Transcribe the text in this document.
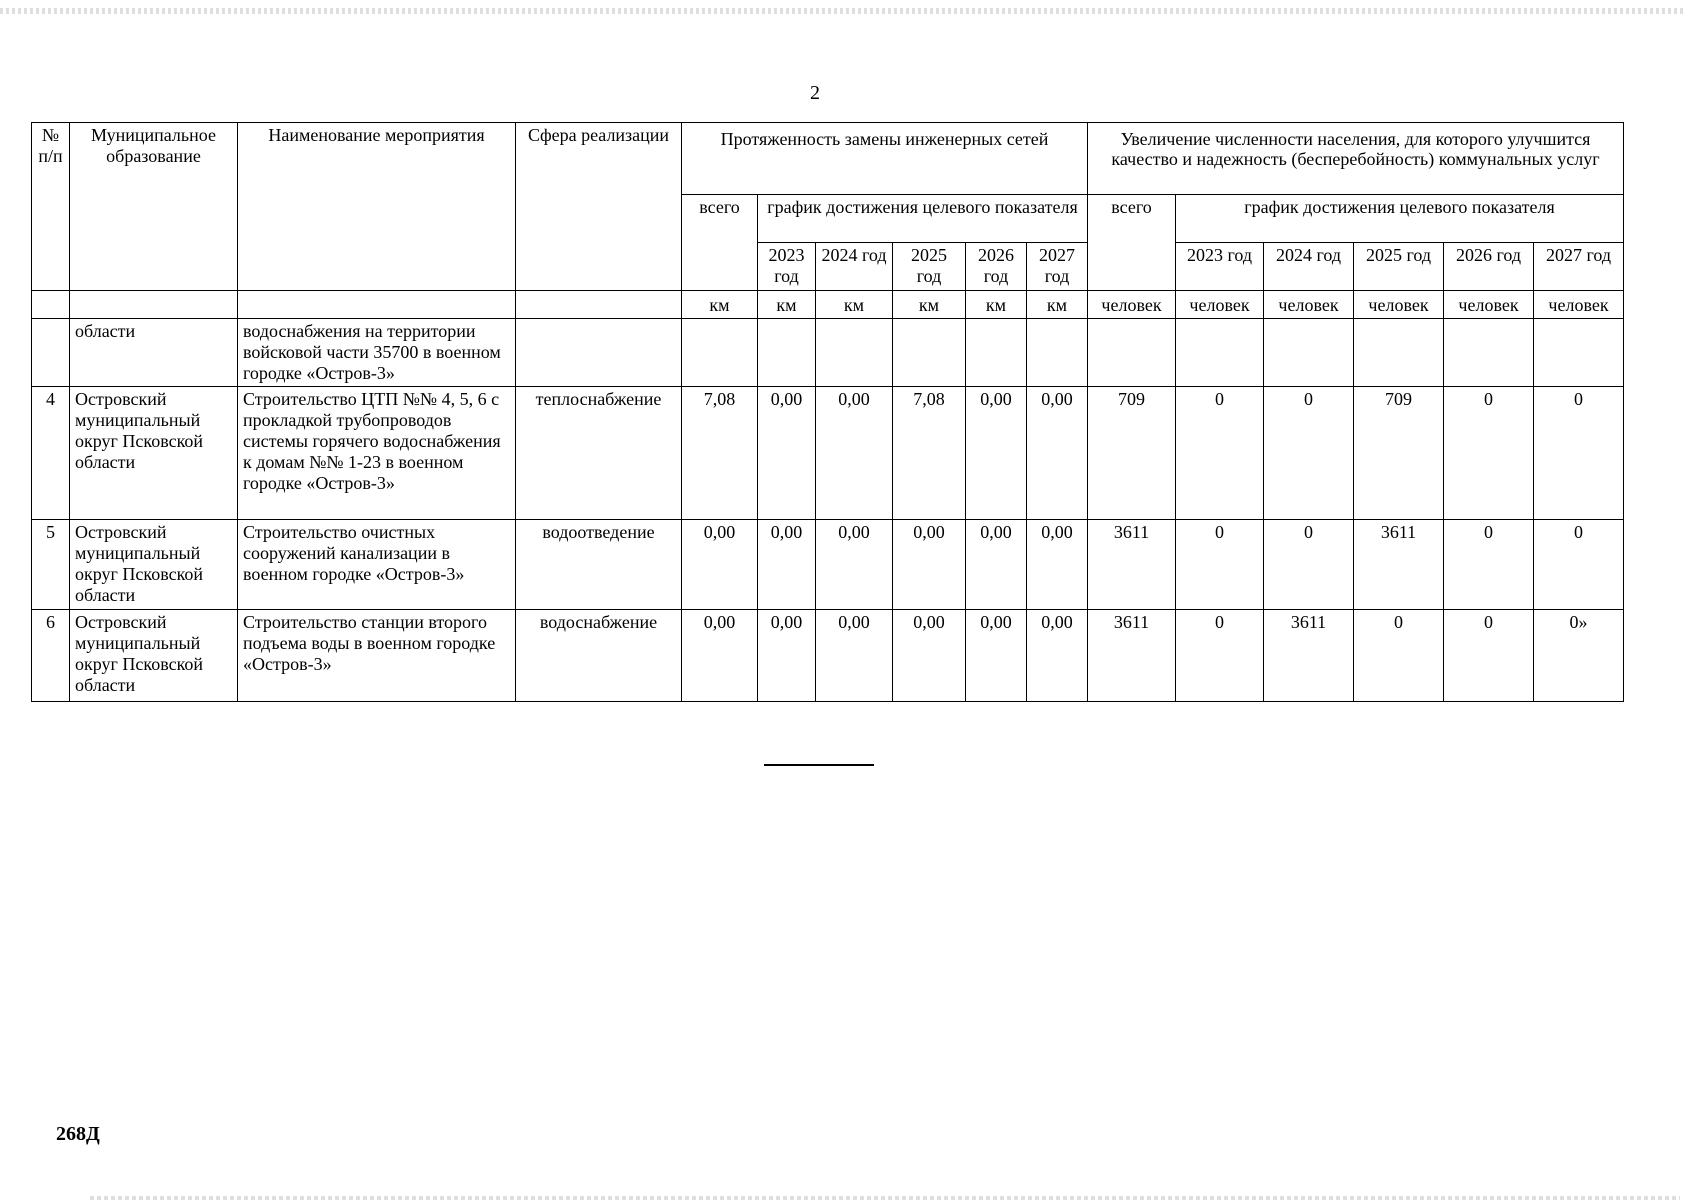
2
№ п/п	Муниципальное образование	Наименование мероприятия	Сфера реализации	Протяженность замены инженерных сетей						Увеличение численности населения, для которого улучшится качество и надежность (бесперебойность) коммунальных услуг					
				всего	график достижения целевого показателя					всего	график достижения целевого показателя				
					2023 год	2024 год	2025 год	2026 год	2027 год		2023 год	2024 год	2025 год	2026 год	2027 год
				км	км	км	км	км	км	человек	человек	человек	человек	человек	человек
	области	водоснабжения на территории войсковой части 35700 в военном городке «Остров-3»													
4	Островский муниципальный округ Псковской области	Строительство ЦТП №№ 4, 5, 6 с прокладкой трубопроводов системы горячего водоснабжения к домам №№ 1-23 в военном городке «Остров-3»	теплоснабжение	7,08	0,00	0,00	7,08	0,00	0,00	709	0	0	709	0	0
5	Островский муниципальный округ Псковской области	Строительство очистных сооружений канализации в военном городке «Остров-3»	водоотведение	0,00	0,00	0,00	0,00	0,00	0,00	3611	0	0	3611	0	0
6	Островский муниципальный округ Псковской области	Строительство станции второго подъема воды в военном городке «Остров-3»	водоснабжение	0,00	0,00	0,00	0,00	0,00	0,00	3611	0	3611	0	0	0»
268Д
